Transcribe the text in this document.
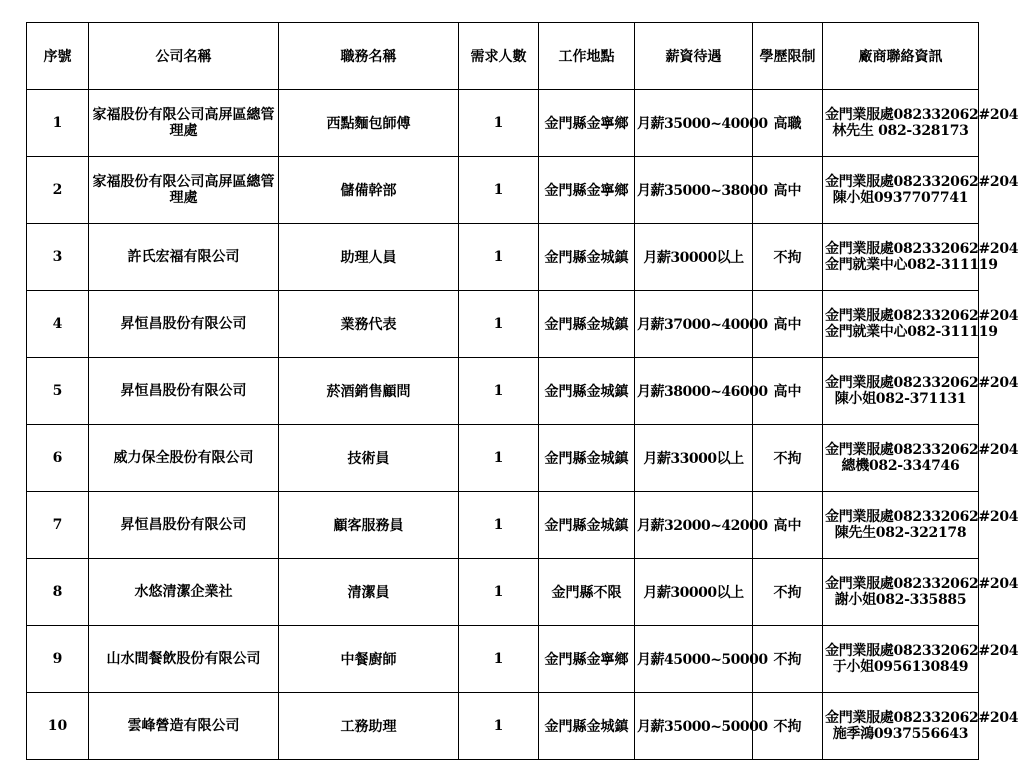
序號	公司名稱	職務名稱	需求人數	工作地點	薪資待遇	學歷限制	廠商聯絡資訊
1	家福股份有限公司高屏區總管理處	西點麵包師傅	1	金門縣金寧鄉	月薪35000~40000	高職	金門業服處082332062#204
林先生 082-328173

2	家福股份有限公司高屏區總管理處	儲備幹部	1	金門縣金寧鄉	月薪35000~38000	高中	金門業服處082332062#204
陳小姐0937707741

3	許氏宏福有限公司	助理人員	1	金門縣金城鎮	月薪30000以上	不拘	金門業服處082332062#204
金門就業中心082-311119

4	昇恒昌股份有限公司	業務代表	1	金門縣金城鎮	月薪37000~40000	高中	金門業服處082332062#204
金門就業中心082-311119

5	昇恒昌股份有限公司	菸酒銷售顧問	1	金門縣金城鎮	月薪38000~46000	高中	金門業服處082332062#204
陳小姐082-371131

6	威力保全股份有限公司	技術員	1	金門縣金城鎮	月薪33000以上	不拘	金門業服處082332062#204
總機082-334746

7	昇恒昌股份有限公司	顧客服務員	1	金門縣金城鎮	月薪32000~42000	高中	金門業服處082332062#204
陳先生082-322178

8	水悠清潔企業社	清潔員	1	金門縣不限	月薪30000以上	不拘	金門業服處082332062#204
謝小姐082-335885

9	山水間餐飲股份有限公司	中餐廚師	1	金門縣金寧鄉	月薪45000~50000	不拘	金門業服處082332062#204
于小姐0956130849

10	雲峰營造有限公司	工務助理	1	金門縣金城鎮	月薪35000~50000	不拘	金門業服處082332062#204
施季鴻0937556643
